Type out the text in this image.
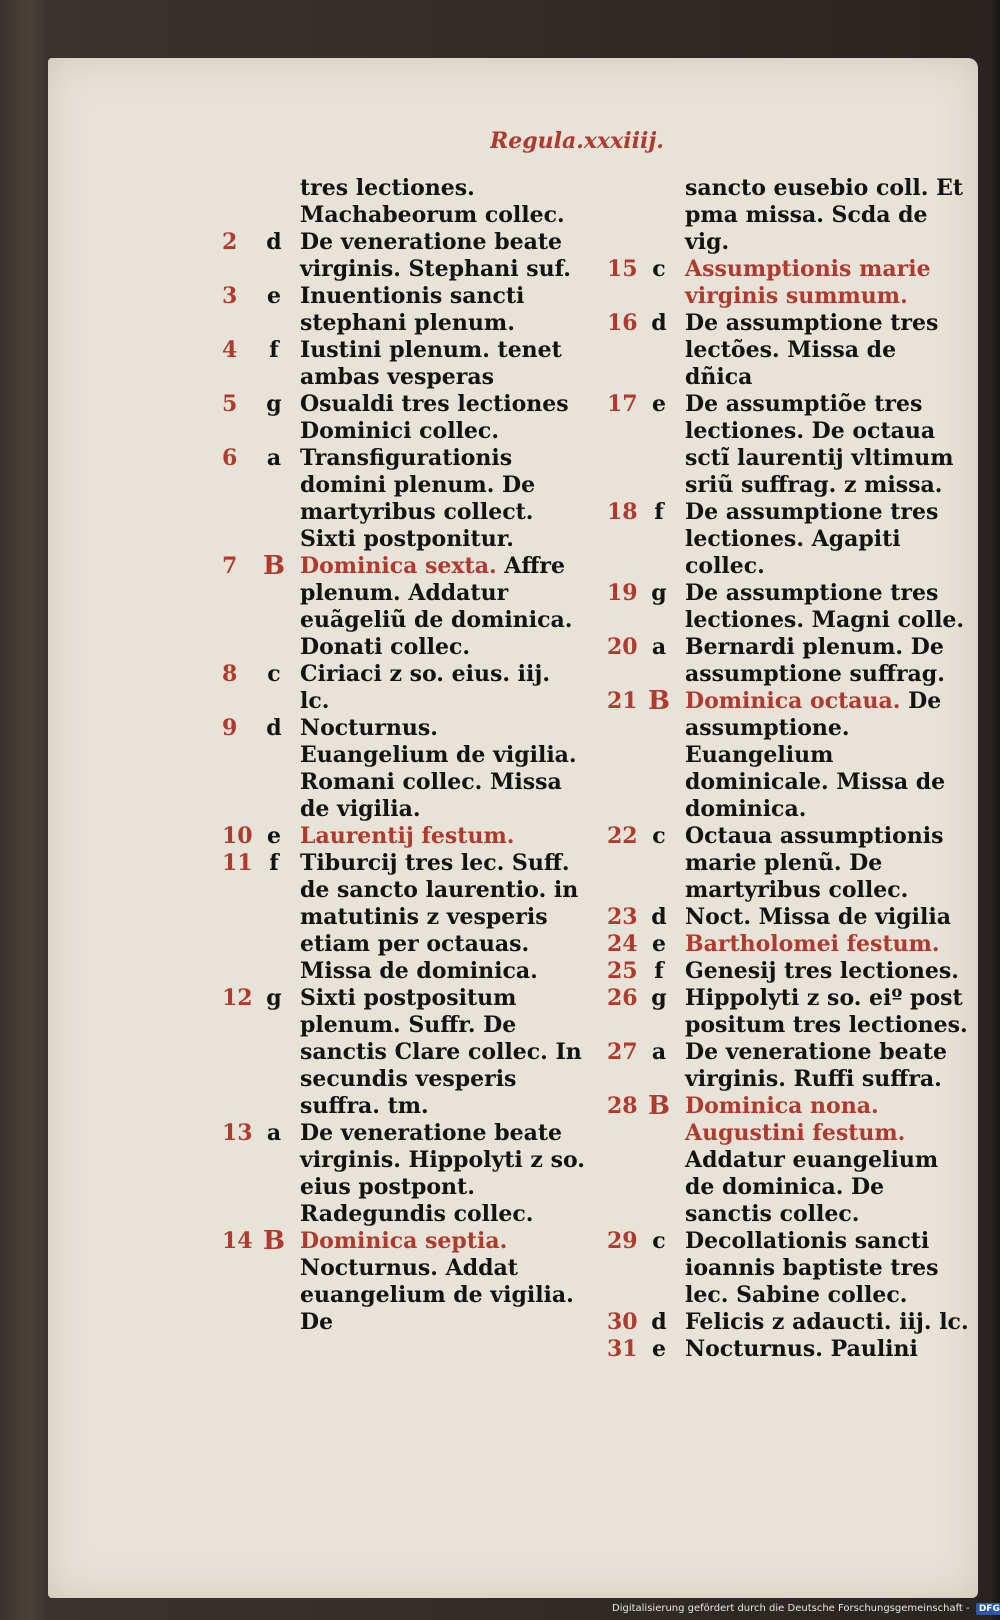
Regula.xxxiiij.
tres lectiones. Machabeorum collec.
2	d De veneratione beate virginis. Stephani suf.
3	e Inuentionis sancti stephani plenum.
4	f Iustini plenum. tenet ambas vesperas
5	g Osualdi tres lectiones Dominici collec.
6	a Transfigurationis domini plenum. De martyribus collect. Sixti postponitur.
7 B Dominica sexta. Affre plenum. Addatur euãgeliũ de dominica. Donati collec.
8	c Ciriaci z so. eius. iij. lc.
9	d Nocturnus. Euangelium de vigilia. Romani collec. Missa de vigilia.
10 e Laurentij festum.
11 f Tiburcij tres lec. Suff. de sancto laurentio. in matutinis z vesperis etiam per octauas. Missa de dominica.
12 g Sixti postpositum plenum. Suffr. De sanctis Clare collec. In secundis vesperis suffra. tm.
13 a De veneratione beate virginis. Hippolyti z so. eius postpont. Radegundis collec.
14 B Dominica septia. Nocturnus. Addat euangelium de vigilia. De
sancto eusebio coll. Et pma missa. Scda de vig.
15 c Assumptionis marie virginis summum.
16 d De assumptione tres lectões. Missa de dñica
17 e De assumptiõe tres lectiones. De octaua sctĩ laurentij vltimum sriũ suffrag. z missa.
18 f De assumptione tres lectiones. Agapiti collec.
19 g De assumptione tres lectiones. Magni colle.
20 a Bernardi plenum. De assumptione suffrag.
21 B Dominica octaua. De assumptione. Euangelium dominicale. Missa de dominica.
22 c Octaua assumptionis marie plenũ. De martyribus collec.
23 d Noct. Missa de vigilia
24 e Bartholomei festum.
25 f Genesij tres lectiones.
26 g Hippolyti z so. eiº post positum tres lectiones.
27 a De veneratione beate virginis. Ruffi suffra.
28 B Dominica nona. Augustini festum. Addatur euangelium de dominica. De sanctis collec.
29 c Decollationis sancti ioannis baptiste tres lec. Sabine collec.
30 d Felicis z adaucti. iij. lc.
31 e Nocturnus. Paulini
Digitalisierung gefördert durch die Deutsche Forschungsgemeinschaft - DFG
